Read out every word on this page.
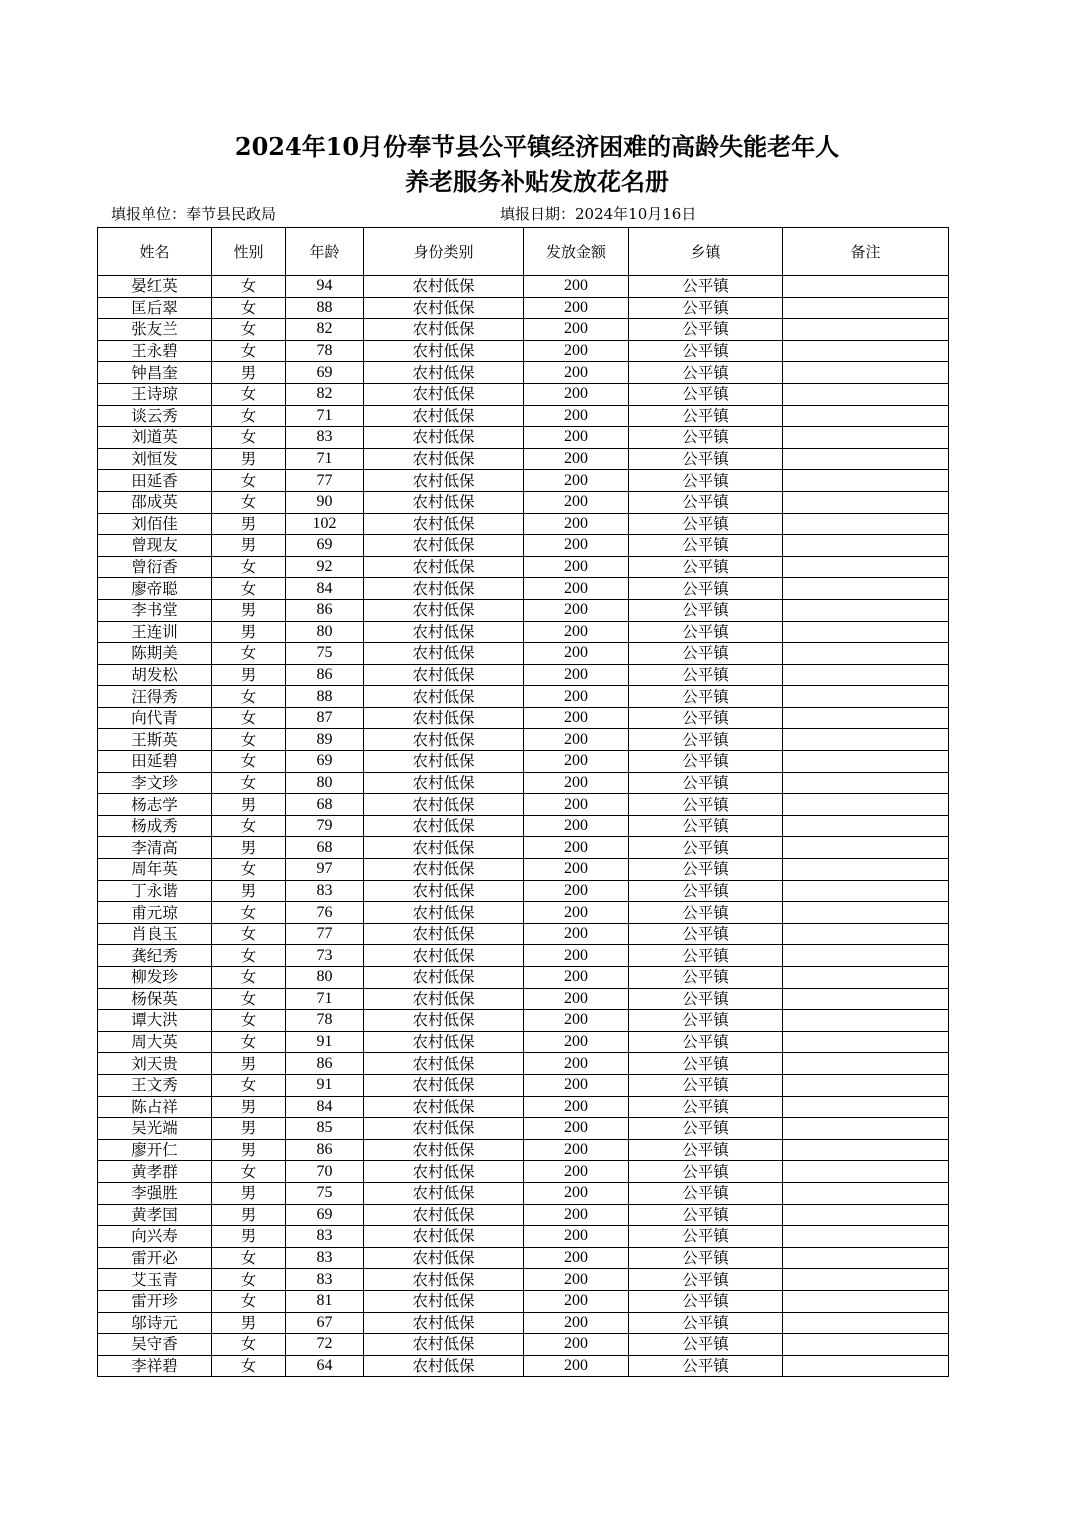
2024年10月份奉节县公平镇经济困难的高龄失能老年人
养老服务补贴发放花名册
填报单位：奉节县民政局	填报日期：2024年10月16日
姓名	性别	年龄	身份类别	发放金额	乡镇	备注
晏红英	女	94	农村低保	200	公平镇	
匡后翠	女	88	农村低保	200	公平镇	
张友兰	女	82	农村低保	200	公平镇	
王永碧	女	78	农村低保	200	公平镇	
钟昌奎	男	69	农村低保	200	公平镇	
王诗琼	女	82	农村低保	200	公平镇	
谈云秀	女	71	农村低保	200	公平镇	
刘道英	女	83	农村低保	200	公平镇	
刘恒发	男	71	农村低保	200	公平镇	
田延香	女	77	农村低保	200	公平镇	
邵成英	女	90	农村低保	200	公平镇	
刘佰佳	男	102	农村低保	200	公平镇	
曾现友	男	69	农村低保	200	公平镇	
曾衍香	女	92	农村低保	200	公平镇	
廖帝聪	女	84	农村低保	200	公平镇	
李书堂	男	86	农村低保	200	公平镇	
王连训	男	80	农村低保	200	公平镇	
陈期美	女	75	农村低保	200	公平镇	
胡发松	男	86	农村低保	200	公平镇	
汪得秀	女	88	农村低保	200	公平镇	
向代青	女	87	农村低保	200	公平镇	
王斯英	女	89	农村低保	200	公平镇	
田延碧	女	69	农村低保	200	公平镇	
李文珍	女	80	农村低保	200	公平镇	
杨志学	男	68	农村低保	200	公平镇	
杨成秀	女	79	农村低保	200	公平镇	
李清高	男	68	农村低保	200	公平镇	
周年英	女	97	农村低保	200	公平镇	
丁永谐	男	83	农村低保	200	公平镇	
甫元琼	女	76	农村低保	200	公平镇	
肖良玉	女	77	农村低保	200	公平镇	
龚纪秀	女	73	农村低保	200	公平镇	
柳发珍	女	80	农村低保	200	公平镇	
杨保英	女	71	农村低保	200	公平镇	
谭大洪	女	78	农村低保	200	公平镇	
周大英	女	91	农村低保	200	公平镇	
刘天贵	男	86	农村低保	200	公平镇	
王文秀	女	91	农村低保	200	公平镇	
陈占祥	男	84	农村低保	200	公平镇	
吴光端	男	85	农村低保	200	公平镇	
廖开仁	男	86	农村低保	200	公平镇	
黄孝群	女	70	农村低保	200	公平镇	
李强胜	男	75	农村低保	200	公平镇	
黄孝国	男	69	农村低保	200	公平镇	
向兴寿	男	83	农村低保	200	公平镇	
雷开必	女	83	农村低保	200	公平镇	
艾玉青	女	83	农村低保	200	公平镇	
雷开珍	女	81	农村低保	200	公平镇	
邬诗元	男	67	农村低保	200	公平镇	
吴守香	女	72	农村低保	200	公平镇	
李祥碧	女	64	农村低保	200	公平镇	
